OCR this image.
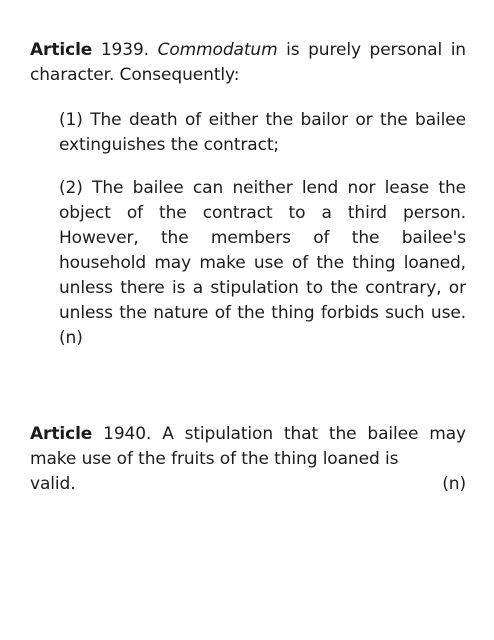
Article 1939. Commodatum is purely personal in character. Consequently:
(1) The death of either the bailor or the bailee extinguishes the contract;
(2) The bailee can neither lend nor lease the object of the contract to a third person. However, the members of the bailee's household may make use of the thing loaned, unless there is a stipulation to the contrary, or unless the nature of the thing forbids such use. (n)
Article 1940. A stipulation that the bailee may make use of the fruits of the thing loaned is
valid.	(n)
